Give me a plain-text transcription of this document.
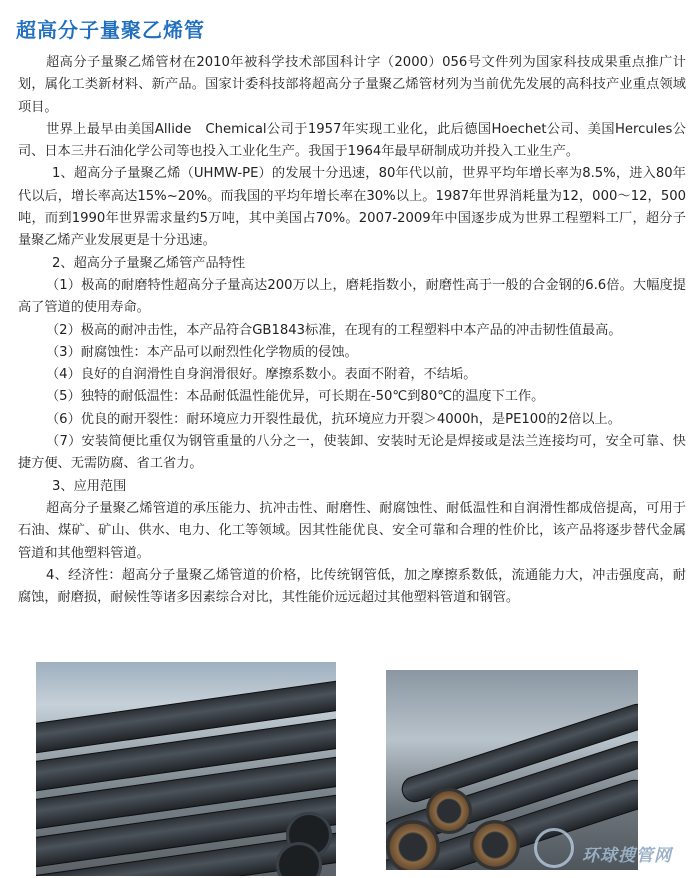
超高分子量聚乙烯管

超高分子量聚乙烯管材在2010年被科学技术部国科计字（2000）056号文件列为国家科技成果重点推广计划，属化工类新材料、新产品。国家计委科技部将超高分子量聚乙烯管材列为当前优先发展的高科技产业重点领域项目。

世界上最早由美国Allide　Chemical公司于1957年实现工业化，此后德国Hoechet公司、美国Hercules公司、日本三井石油化学公司等也投入工业化生产。我国于1964年最早研制成功并投入工业生产。

1、超高分子量聚乙烯（UHMW-PE）的发展十分迅速，80年代以前，世界平均年增长率为8.5%，进入80年代以后，增长率高达15%~20%。而我国的平均年增长率在30%以上。1987年世界消耗量为12，000～12，500吨，而到1990年世界需求量约5万吨，其中美国占70%。2007-2009年中国逐步成为世界工程塑料工厂，超分子量聚乙烯产业发展更是十分迅速。

2、超高分子量聚乙烯管产品特性

（1）极高的耐磨特性超高分子量高达200万以上，磨耗指数小，耐磨性高于一般的合金钢的6.6倍。大幅度提高了管道的使用寿命。

（2）极高的耐冲击性，本产品符合GB1843标准，在现有的工程塑料中本产品的冲击韧性值最高。

（3）耐腐蚀性：本产品可以耐烈性化学物质的侵蚀。

（4）良好的自润滑性自身润滑很好。摩擦系数小。表面不附着，不结垢。

（5）独特的耐低温性：本品耐低温性能优异，可长期在-50℃到80℃的温度下工作。

（6）优良的耐开裂性：耐环境应力开裂性最优，抗环境应力开裂＞4000h，是PE100的2倍以上。

（7）安装简便比重仅为钢管重量的八分之一，使装卸、安装时无论是焊接或是法兰连接均可，安全可靠、快捷方便、无需防腐、省工省力。

3、应用范围

超高分子量聚乙烯管道的承压能力、抗冲击性、耐磨性、耐腐蚀性、耐低温性和自润滑性都成倍提高，可用于石油、煤矿、矿山、供水、电力、化工等领域。因其性能优良、安全可靠和合理的性价比，该产品将逐步替代金属管道和其他塑料管道。

4、经济性：超高分子量聚乙烯管道的价格，比传统钢管低，加之摩擦系数低，流通能力大，冲击强度高，耐腐蚀，耐磨损，耐候性等诸多因素综合对比，其性能价远远超过其他塑料管道和钢管。

环球搜管网
